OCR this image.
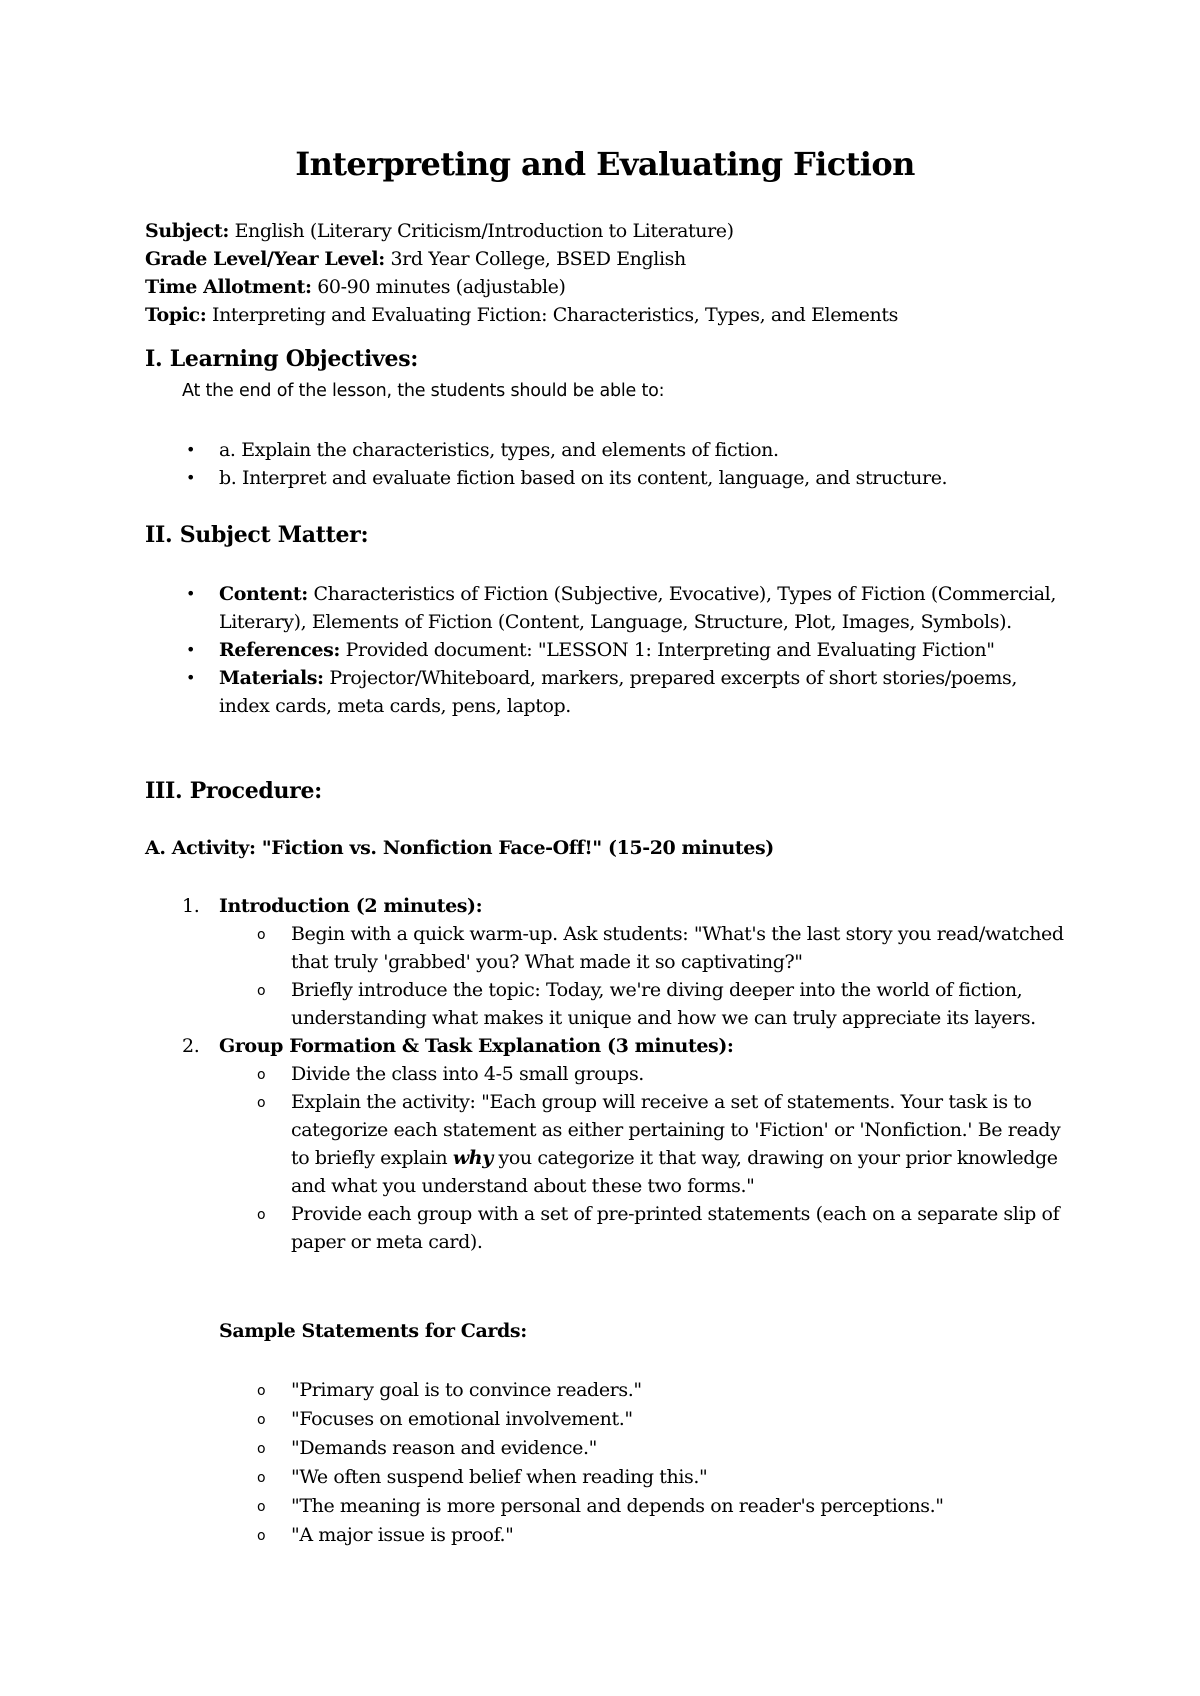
Interpreting and Evaluating Fiction
Subject: English (Literary Criticism/Introduction to Literature)
Grade Level/Year Level: 3rd Year College, BSED English
Time Allotment: 60-90 minutes (adjustable)
Topic: Interpreting and Evaluating Fiction: Characteristics, Types, and Elements
I. Learning Objectives:
At the end of the lesson, the students should be able to:
• a. Explain the characteristics, types, and elements of fiction.
• b. Interpret and evaluate fiction based on its content, language, and structure.
II. Subject Matter:
• Content: Characteristics of Fiction (Subjective, Evocative), Types of Fiction (Commercial, Literary), Elements of Fiction (Content, Language, Structure, Plot, Images, Symbols).
• References: Provided document: "LESSON 1: Interpreting and Evaluating Fiction"
• Materials: Projector/Whiteboard, markers, prepared excerpts of short stories/poems, index cards, meta cards, pens, laptop.
III. Procedure:
A. Activity: "Fiction vs. Nonfiction Face-Off!" (15-20 minutes)
1. Introduction (2 minutes):
o Begin with a quick warm-up. Ask students: "What's the last story you read/watched that truly 'grabbed' you? What made it so captivating?"
o Briefly introduce the topic: Today, we're diving deeper into the world of fiction, understanding what makes it unique and how we can truly appreciate its layers.
2. Group Formation & Task Explanation (3 minutes):
o Divide the class into 4-5 small groups.
o Explain the activity: "Each group will receive a set of statements. Your task is to categorize each statement as either pertaining to 'Fiction' or 'Nonfiction.' Be ready to briefly explain why you categorize it that way, drawing on your prior knowledge and what you understand about these two forms."
o Provide each group with a set of pre-printed statements (each on a separate slip of paper or meta card).
Sample Statements for Cards:
o "Primary goal is to convince readers."
o "Focuses on emotional involvement."
o "Demands reason and evidence."
o "We often suspend belief when reading this."
o "The meaning is more personal and depends on reader's perceptions."
o "A major issue is proof."
